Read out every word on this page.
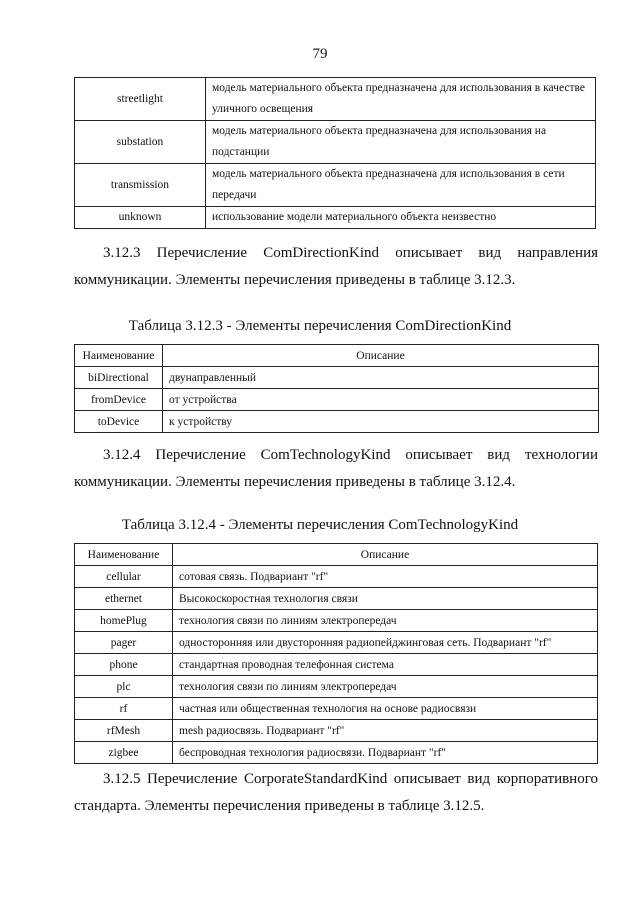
79
streetlight	модель материального объекта предназначена для использования в качестве уличного освещения
substation	модель материального объекта предназначена для использования на подстанции
transmission	модель материального объекта предназначена для использования в сети передачи
unknown	использование модели материального объекта неизвестно
3.12.3 Перечисление ComDirectionKind описывает вид направления
коммуникации. Элементы перечисления приведены в таблице 3.12.3.
Таблица 3.12.3 - Элементы перечисления ComDirectionKind
Наименование	Описание
biDirectional	двунаправленный
fromDevice	от устройства
toDevice	к устройству
3.12.4 Перечисление ComTechnologyKind описывает вид технологии
коммуникации. Элементы перечисления приведены в таблице 3.12.4.
Таблица 3.12.4 - Элементы перечисления ComTechnologyKind
Наименование	Описание
cellular	сотовая связь. Подвариант "rf"
ethernet	Высокоскоростная технология связи
homePlug	технология связи по линиям электропередач
pager	односторонняя или двусторонняя радиопейджинговая сеть. Подвариант "rf"
phone	стандартная проводная телефонная система
plc	технология связи по линиям электропередач
rf	частная или общественная технология на основе радиосвязи
rfMesh	mesh радиосвязь. Подвариант "rf"
zigbee	беспроводная технология радиосвязи. Подвариант "rf"
3.12.5 Перечисление CorporateStandardKind описывает вид корпоративного
стандарта. Элементы перечисления приведены в таблице 3.12.5.
